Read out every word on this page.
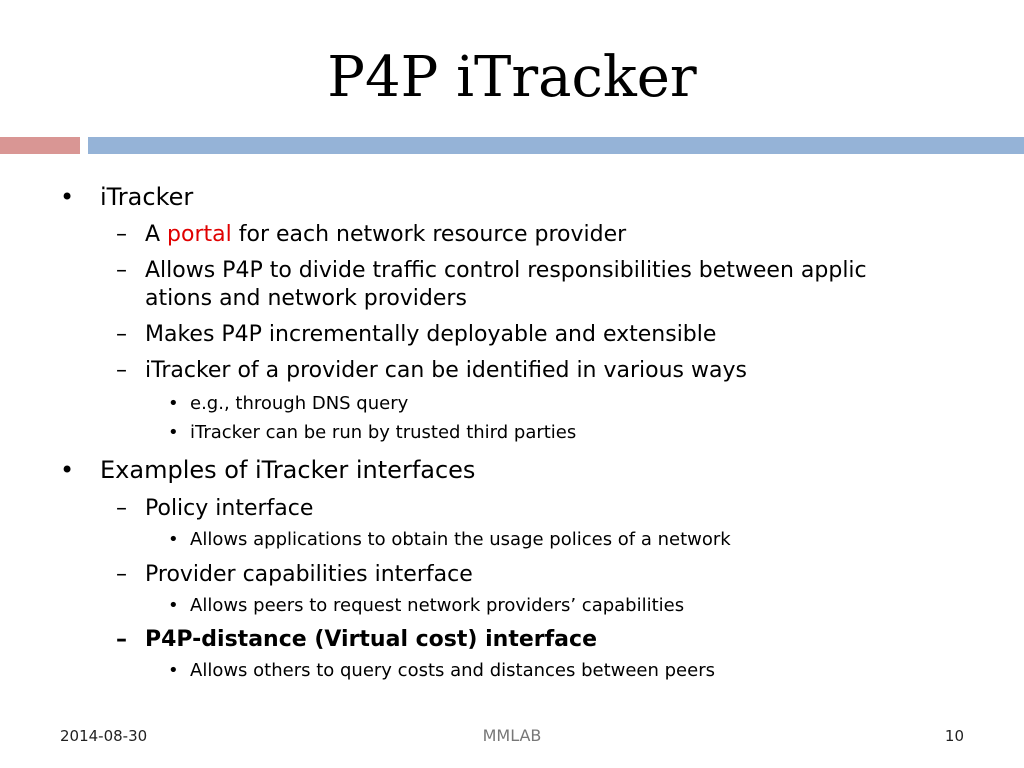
P4P iTracker
• iTracker
– A portal for each network resource provider
– Allows P4P to divide traffic control responsibilities between applic
ations and network providers
– Makes P4P incrementally deployable and extensible
– iTracker of a provider can be identified in various ways
• e.g., through DNS query
• iTracker can be run by trusted third parties
• Examples of iTracker interfaces
– Policy interface
• Allows applications to obtain the usage polices of a network
– Provider capabilities interface
• Allows peers to request network providers’ capabilities
– P4P-distance (Virtual cost) interface
• Allows others to query costs and distances between peers
2014-08-30	MMLAB	10
